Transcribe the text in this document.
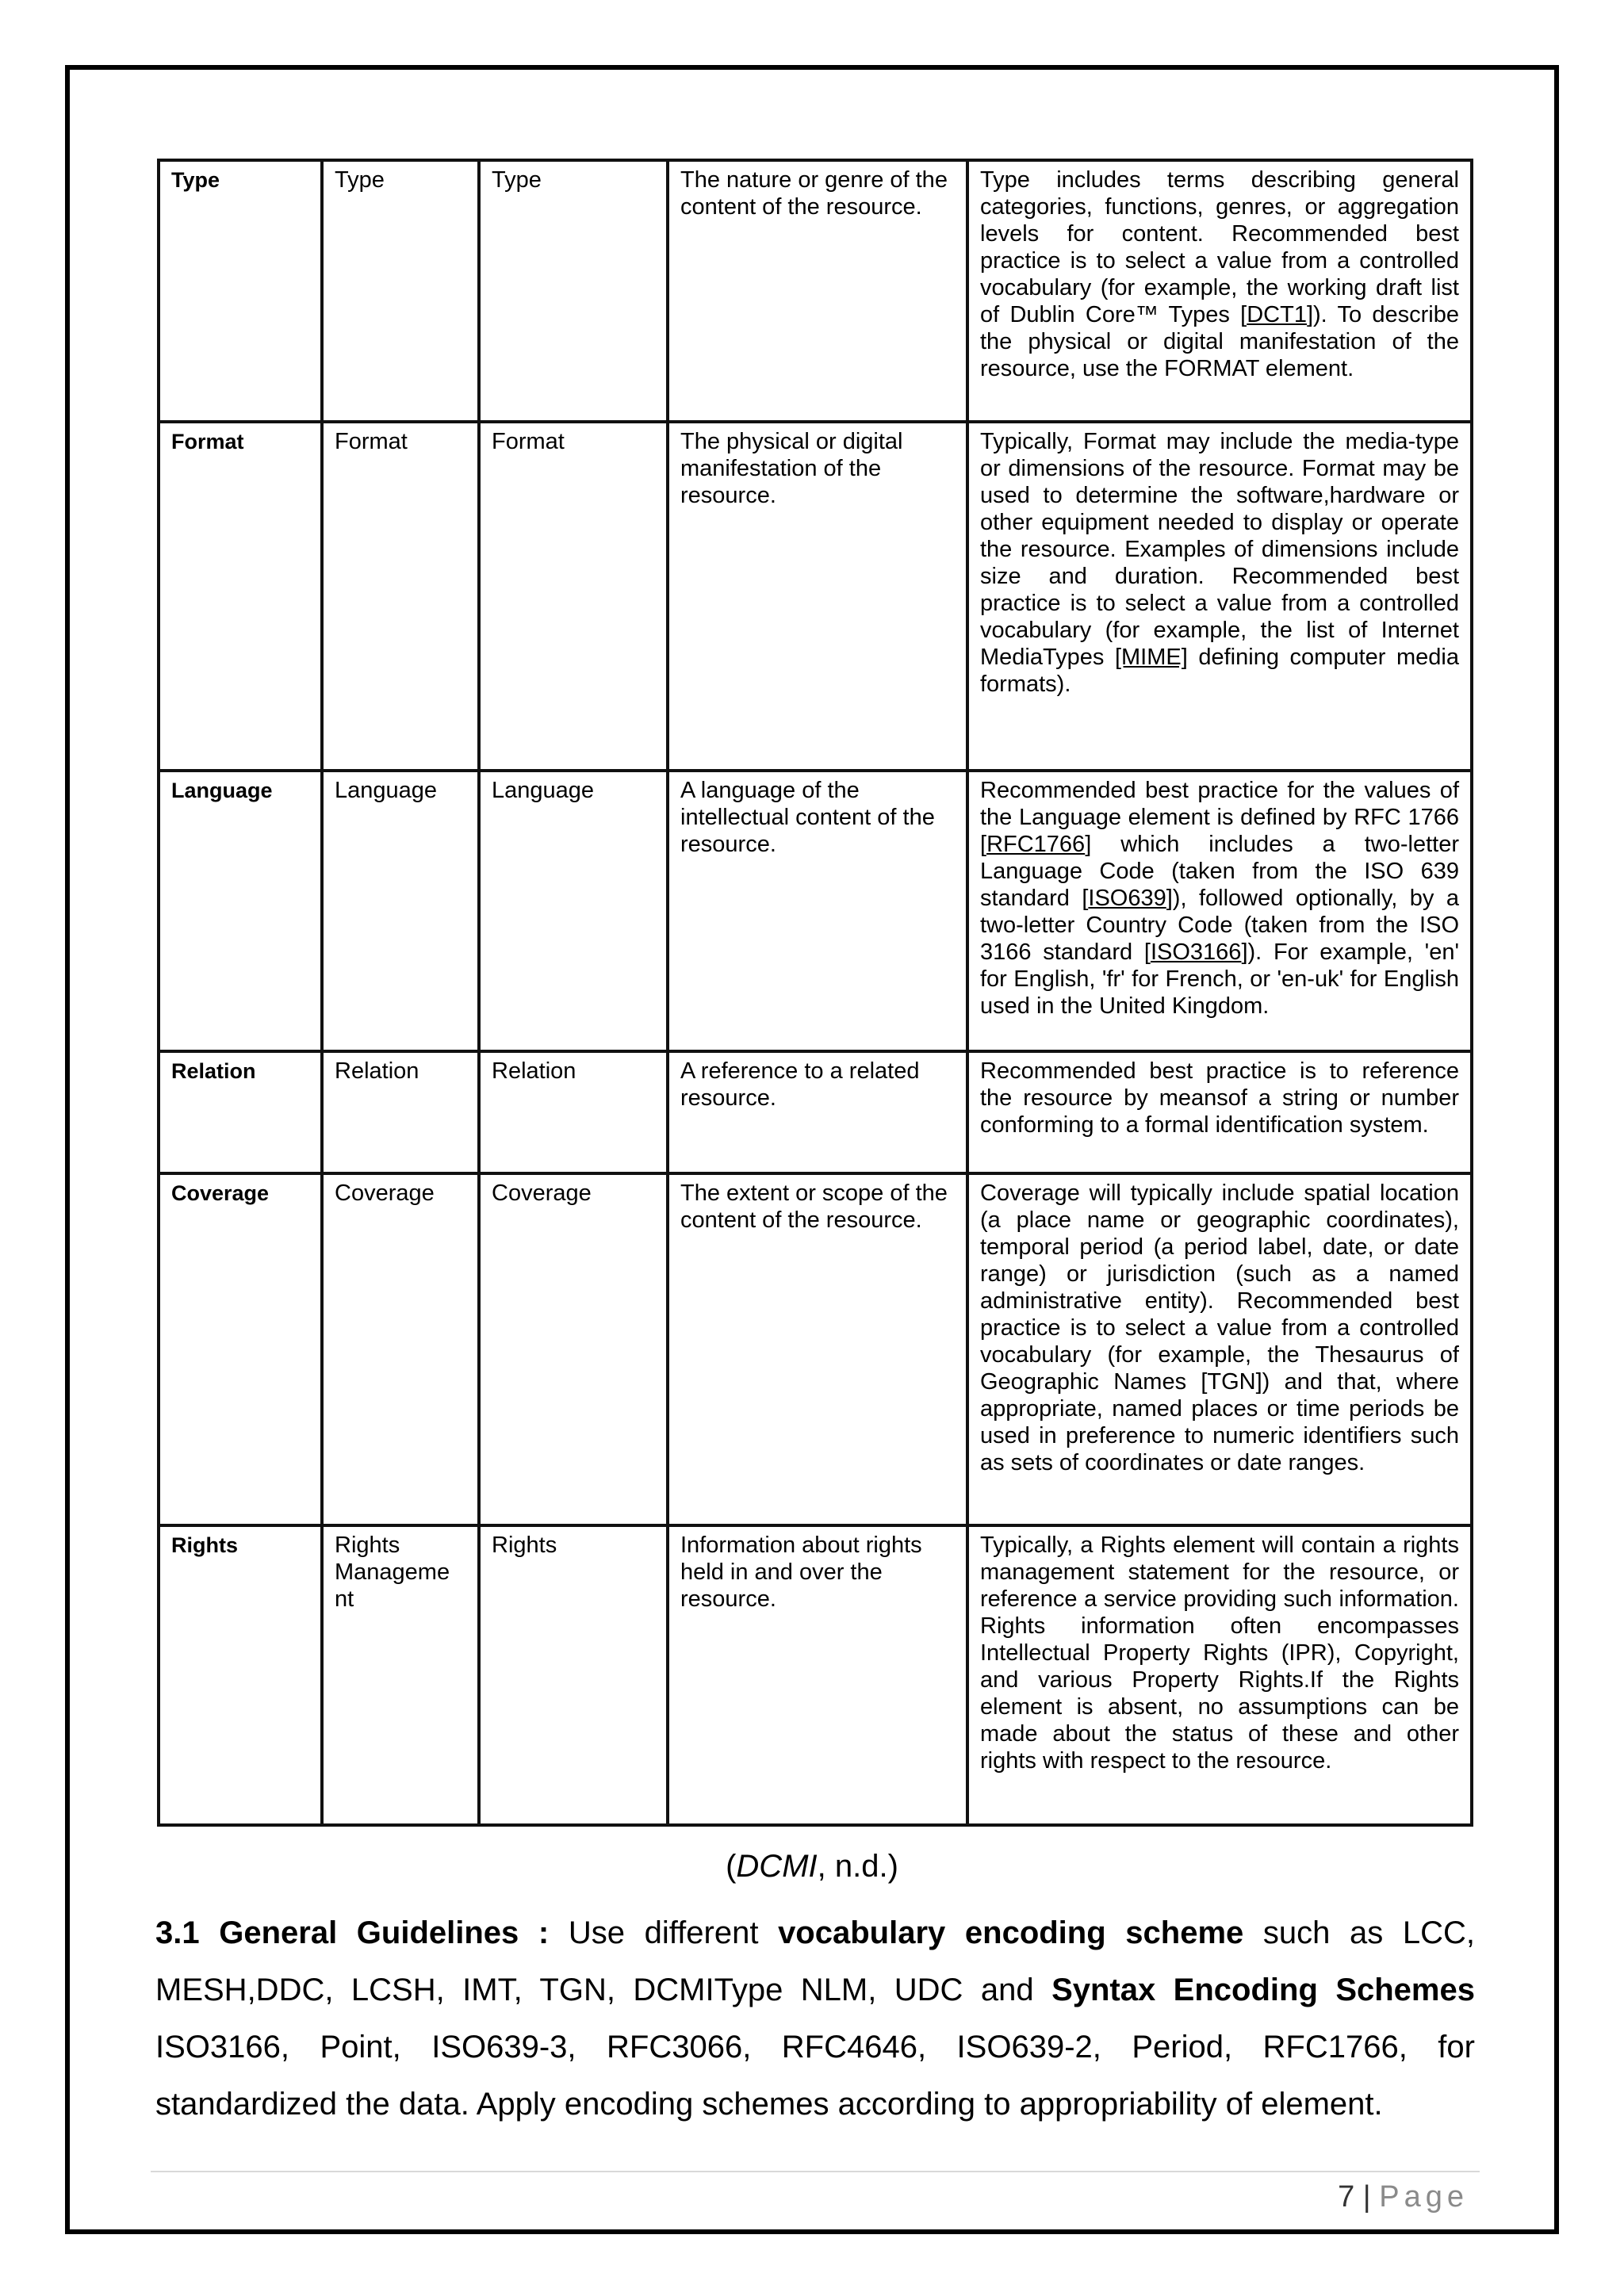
Type	Type	Type	The nature or genre of the content of the resource.	Type includes terms describing general categories, functions, genres, or aggregation levels for content. Recommended best practice is to select a value from a controlled vocabulary (for example, the working draft list of Dublin Core™ Types [DCT1]). To describe the physical or digital manifestation of the resource, use the FORMAT element.
Format	Format	Format	The physical or digital manifestation of the resource.	Typically, Format may include the media-type or dimensions of the resource. Format may be used to determine the software,hardware or other equipment needed to display or operate the resource. Examples of dimensions include size and duration. Recommended best practice is to select a value from a controlled vocabulary (for example, the list of Internet MediaTypes [MIME] defining computer media formats).
Language	Language	Language	A language of the intellectual content of the resource.	Recommended best practice for the values of the Language element is defined by RFC 1766 [RFC1766] which includes a two-letter Language Code (taken from the ISO 639 standard [ISO639]), followed optionally, by a two-letter Country Code (taken from the ISO 3166 standard [ISO3166]). For example, 'en' for English, 'fr' for French, or 'en-uk' for English used in the United Kingdom.
Relation	Relation	Relation	A reference to a related resource.	Recommended best practice is to reference the resource by meansof a string or number conforming to a formal identification system.
Coverage	Coverage	Coverage	The extent or scope of the content of the resource.	Coverage will typically include spatial location (a place name or geographic coordinates), temporal period (a period label, date, or date range) or jurisdiction (such as a named administrative entity). Recommended best practice is to select a value from a controlled vocabulary (for example, the Thesaurus of Geographic Names [TGN]) and that, where appropriate, named places or time periods be used in preference to numeric identifiers such as sets of coordinates or date ranges.
Rights	Rights Manageme nt	Rights	Information about rights held in and over the resource.	Typically, a Rights element will contain a rights management statement for the resource, or reference a service providing such information. Rights information often encompasses Intellectual Property Rights (IPR), Copyright, and various Property Rights.If the Rights element is absent, no assumptions can be made about the status of these and other rights with respect to the resource.
(DCMI, n.d.)
3.1 General Guidelines : Use different vocabulary encoding scheme such as LCC, MESH,DDC, LCSH, IMT, TGN, DCMIType NLM, UDC and Syntax Encoding Schemes ISO3166, Point, ISO639-3, RFC3066, RFC4646, ISO639-2, Period, RFC1766, for standardized the data. Apply encoding schemes according to appropriability of element.
7 | Page
